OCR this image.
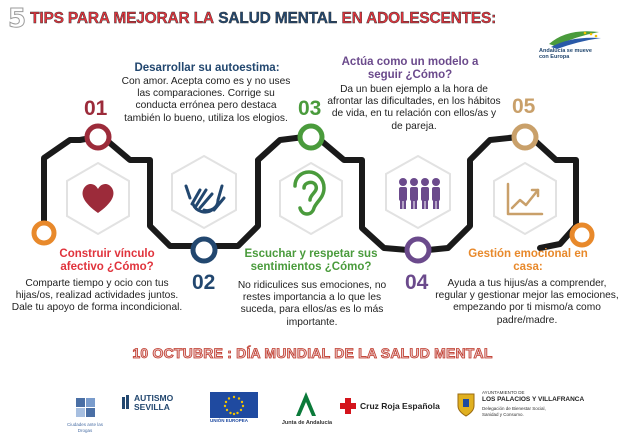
5 TIPS PARA MEJORAR LA
SALUD MENTAL
EN ADOLESCENTES:
Andalucía se mueve con Europa
01
02
03
04
05
Construir vínculo afectivo ¿Cómo?
Comparte tiempo y ocio con tus hijas/os, realizad actividades juntos. Dale tu apoyo de forma incondicional.
Desarrollar su autoestima:
Con amor. Acepta como es y no uses las comparaciones. Corrige su conducta errónea pero destaca también lo bueno, utiliza los elogios.
Escuchar y respetar sus sentimientos ¿Cómo?
No ridiculices sus emociones, no restes importancia a lo que les suceda, para ellos/as es lo más importante.
Actúa como un modelo a seguir ¿Cómo?
Da un buen ejemplo a la hora de afrontar las dificultades, en los hábitos de vida, en tu relación con ellos/as y de pareja.
Gestión emocional en casa:
Ayuda a tus hijus/as a comprender, regular y gestionar mejor las emociones, empezando por ti mismo/a como padre/madre.
10 OCTUBRE : DÍA MUNDIAL DE LA SALUD MENTAL
Ciudades ante las Drogas
AUTISMO SEVILLA
UNIÓN EUROPEA	Junta de Andalucía
Cruz Roja Española
AYUNTAMIENTO DE
LOS PALACIOS Y VILLAFRANCA
Delegación de Bienestar Social, Sanidad y Consumo.
